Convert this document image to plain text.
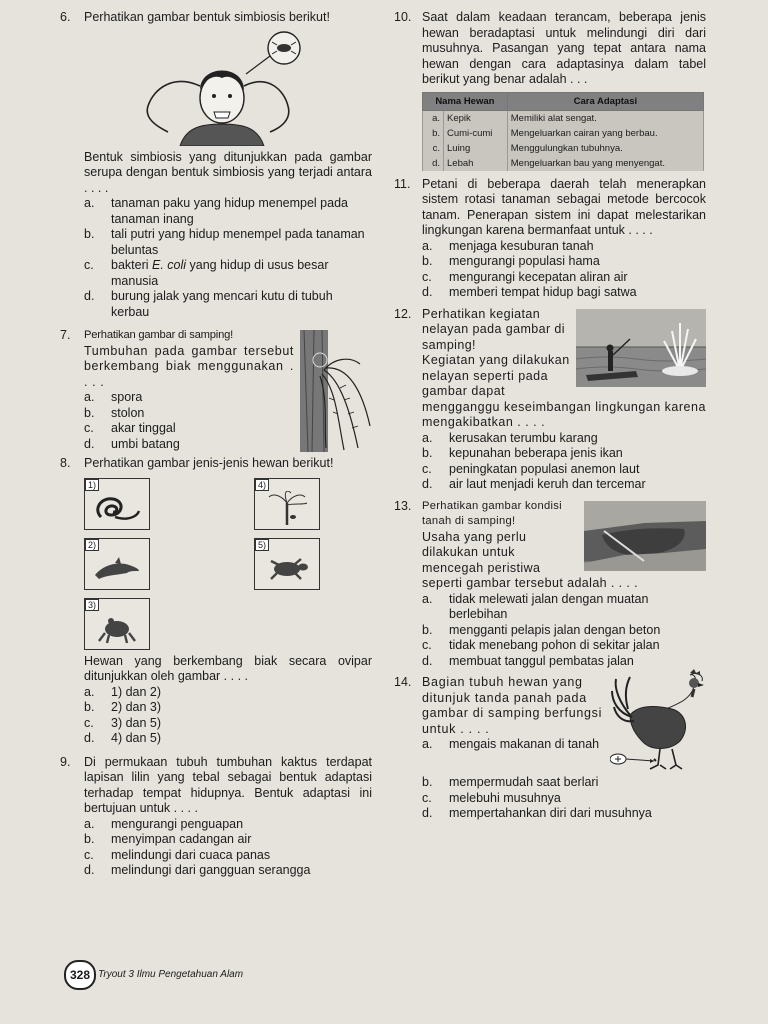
6. Perhatikan gambar bentuk simbiosis berikut!
Bentuk simbiosis yang ditunjukkan pada gambar serupa dengan bentuk simbiosis yang terjadi antara . . . .
a. tanaman paku yang hidup menempel pada tanaman inang
b. tali putri yang hidup menempel pada tanaman beluntas
c. bakteri E. coli yang hidup di usus besar manusia
d. burung jalak yang mencari kutu di tubuh kerbau
7. Perhatikan gambar di samping!
Tumbuhan pada gambar tersebut berkembang biak menggunakan . . . .
a. spora
b. stolon
c. akar tinggal
d. umbi batang
8. Perhatikan gambar jenis-jenis hewan berikut!
1)
2)
3)
4)
5)
Hewan yang berkembang biak secara ovipar ditunjukkan oleh gambar . . . .
a. 1) dan 2)
b. 2) dan 3)
c. 3) dan 5)
d. 4) dan 5)
9. Di permukaan tubuh tumbuhan kaktus terdapat lapisan lilin yang tebal sebagai bentuk adaptasi terhadap tempat hidupnya. Bentuk adaptasi ini bertujuan untuk . . . .
a. mengurangi penguapan
b. menyimpan cadangan air
c. melindungi dari cuaca panas
d. melindungi dari gangguan serangga
10. Saat dalam keadaan terancam, beberapa jenis hewan beradaptasi untuk melindungi diri dari musuhnya. Pasangan yang tepat antara nama hewan dengan cara adaptasinya dalam tabel berikut yang benar adalah . . .
Nama Hewan		Cara Adaptasi
a.	Kepik	Memiliki alat sengat.
b.	Cumi-cumi	Mengeluarkan cairan yang berbau.
c.	Luing	Menggulungkan tubuhnya.
d.	Lebah	Mengeluarkan bau yang menyengat.
11. Petani di beberapa daerah telah menerapkan sistem rotasi tanaman sebagai metode bercocok tanam. Penerapan sistem ini dapat melestarikan lingkungan karena bermanfaat untuk . . . .
a. menjaga kesuburan tanah
b. mengurangi populasi hama
c. mengurangi kecepatan aliran air
d. memberi tempat hidup bagi satwa
12. Perhatikan kegiatan nelayan pada gambar di samping!
Kegiatan yang dilakukan nelayan seperti pada gambar dapat mengganggu keseimbangan lingkungan karena mengakibatkan . . . .
a. kerusakan terumbu karang
b. kepunahan beberapa jenis ikan
c. peningkatan populasi anemon laut
d. air laut menjadi keruh dan tercemar
13. Perhatikan gambar kondisi tanah di samping!
Usaha yang perlu dilakukan untuk mencegah peristiwa seperti gambar tersebut adalah . . . .
a. tidak melewati jalan dengan muatan berlebihan
b. mengganti pelapis jalan dengan beton
c. tidak menebang pohon di sekitar jalan
d. membuat tanggul pembatas jalan
14. Bagian tubuh hewan yang ditunjuk tanda panah pada gambar di samping berfungsi untuk . . . .
a. mengais makanan di tanah
b. mempermudah saat berlari
c. melebuhi musuhnya
d. mempertahankan diri dari musuhnya
328 Tryout 3 Ilmu Pengetahuan Alam
